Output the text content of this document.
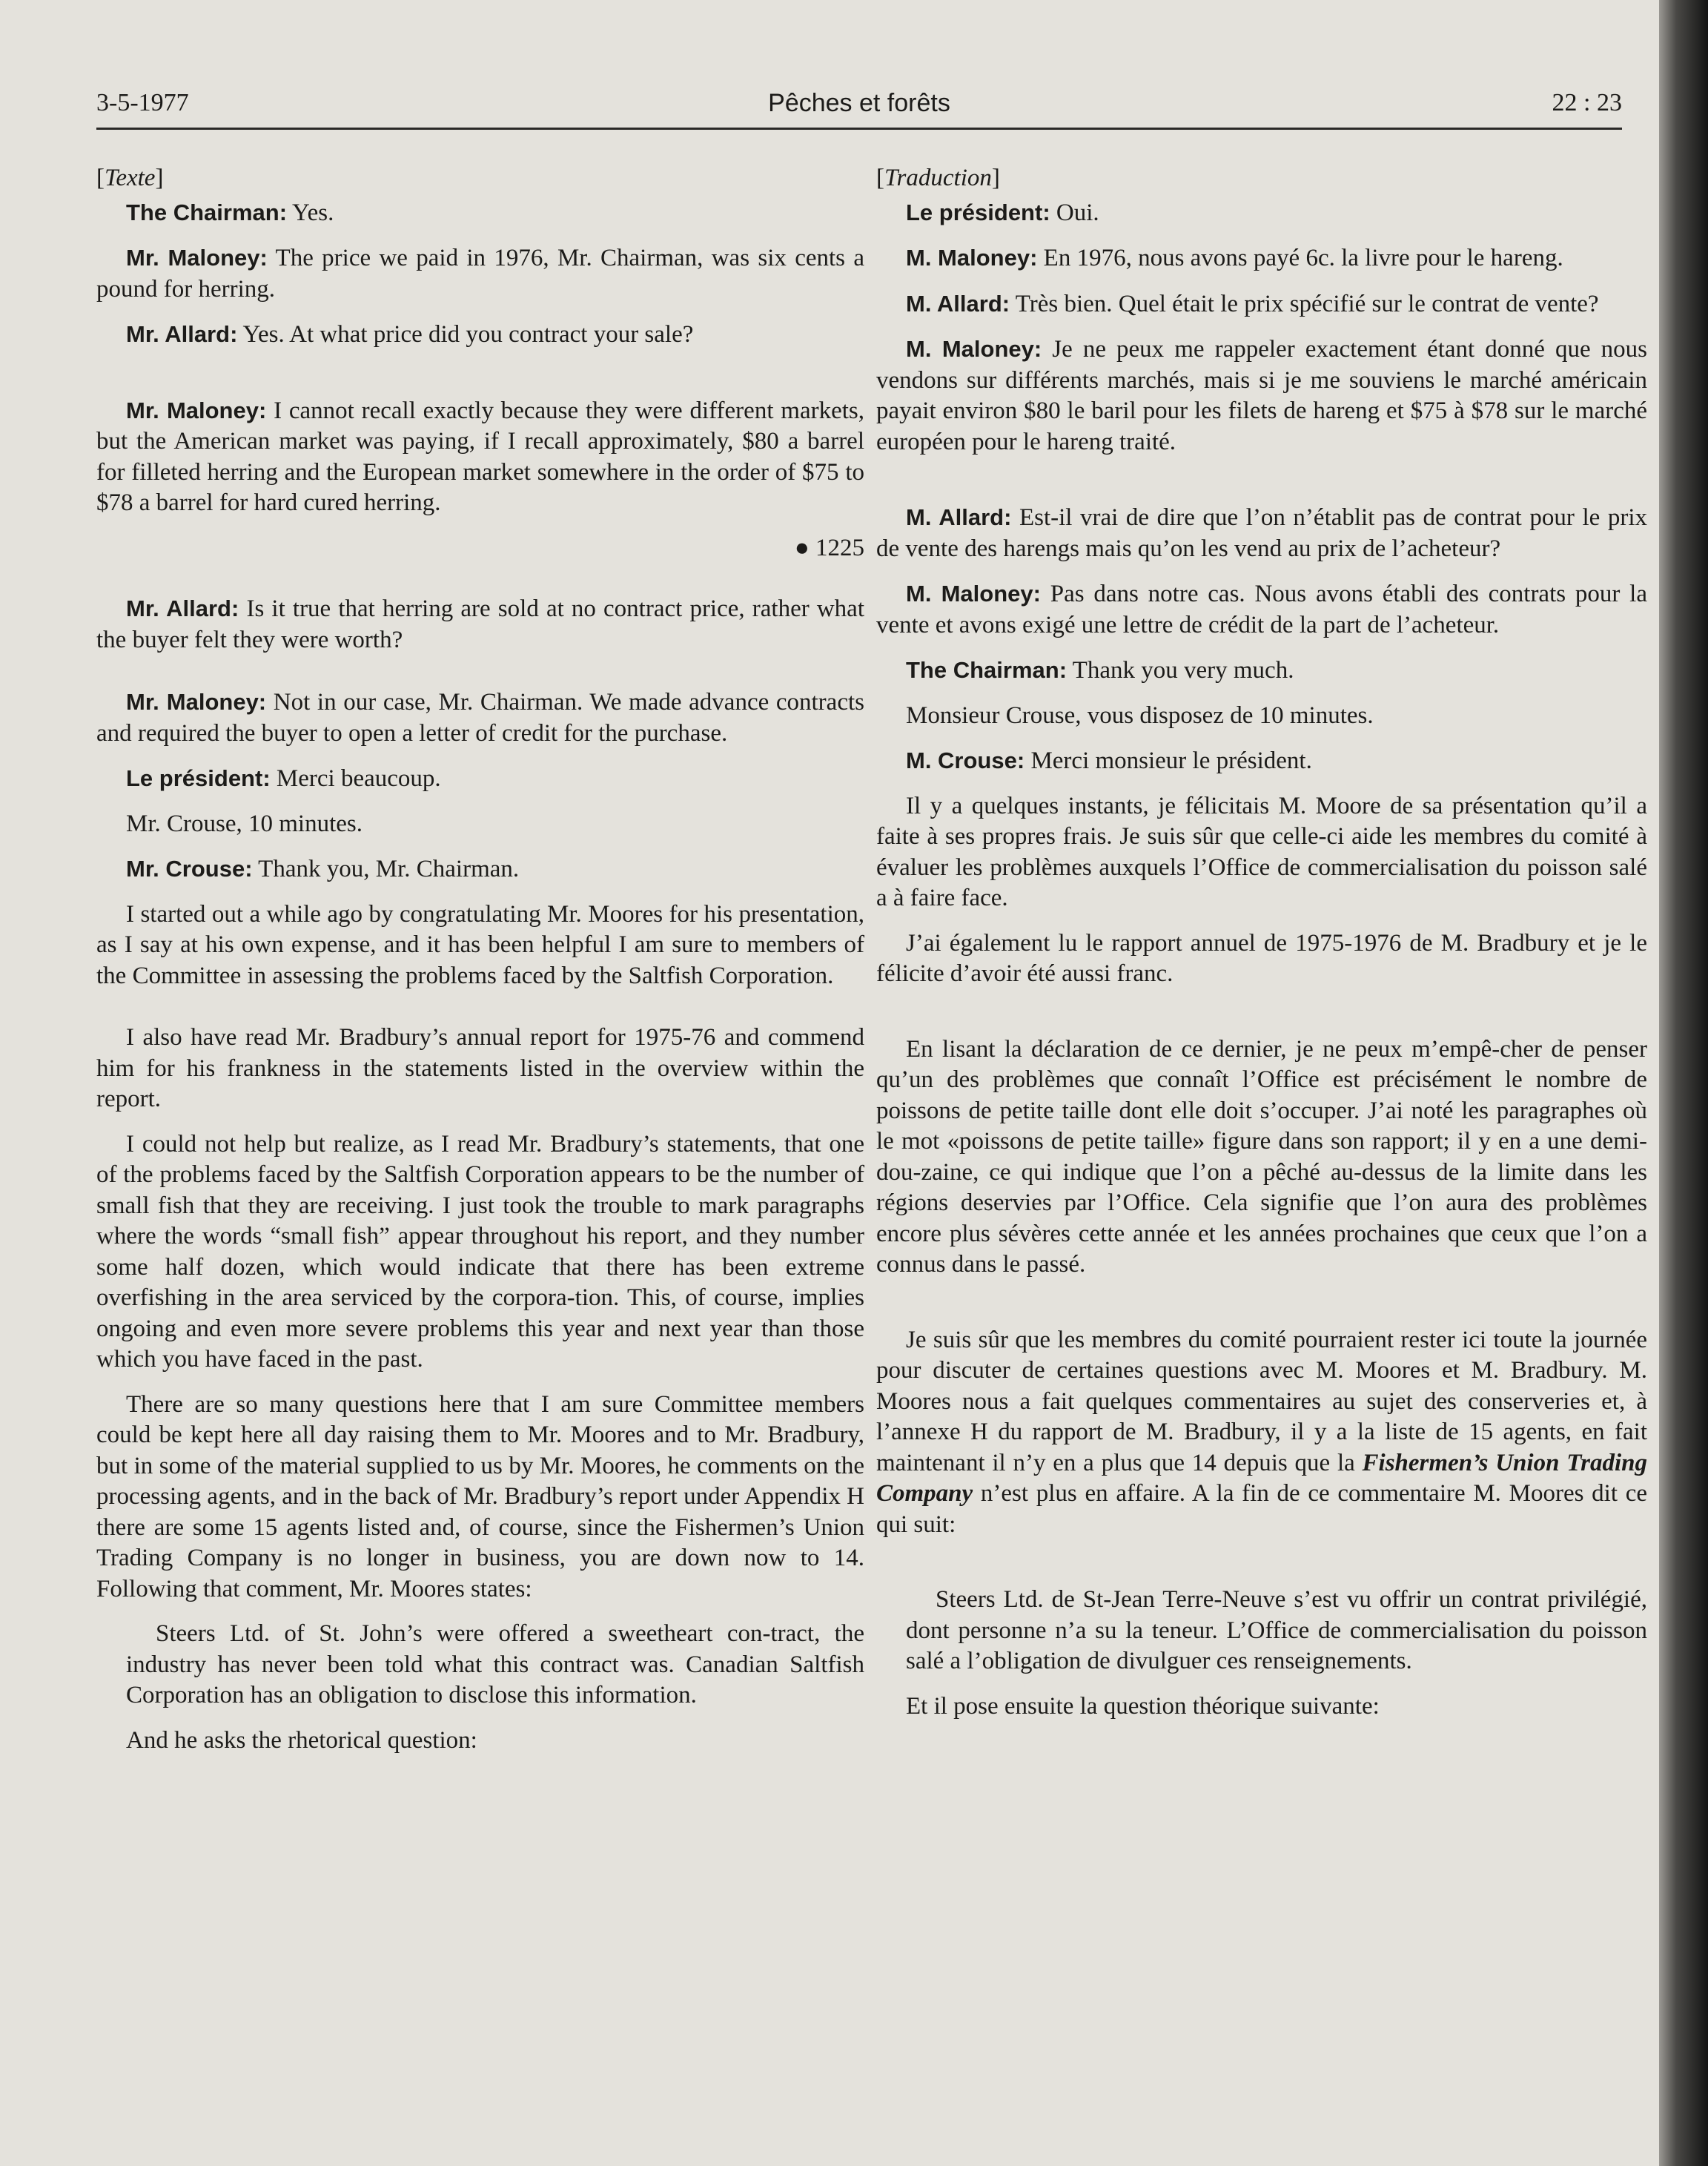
3-5-1977	Pêches et forêts	22 : 23

[Texte]

The Chairman: Yes.

Mr. Maloney: The price we paid in 1976, Mr. Chairman, was six cents a pound for herring.

Mr. Allard: Yes. At what price did you contract your sale?

Mr. Maloney: I cannot recall exactly because they were different markets, but the American market was paying, if I recall approximately, $80 a barrel for filleted herring and the European market somewhere in the order of $75 to $78 a barrel for hard cured herring.

● 1225

Mr. Allard: Is it true that herring are sold at no contract price, rather what the buyer felt they were worth?

Mr. Maloney: Not in our case, Mr. Chairman. We made advance contracts and required the buyer to open a letter of credit for the purchase.

Le président: Merci beaucoup.

Mr. Crouse, 10 minutes.

Mr. Crouse: Thank you, Mr. Chairman.

I started out a while ago by congratulating Mr. Moores for his presentation, as I say at his own expense, and it has been helpful I am sure to members of the Committee in assessing the problems faced by the Saltfish Corporation.

I also have read Mr. Bradbury’s annual report for 1975-76 and commend him for his frankness in the statements listed in the overview within the report.

I could not help but realize, as I read Mr. Bradbury’s statements, that one of the problems faced by the Saltfish Corporation appears to be the number of small fish that they are receiving. I just took the trouble to mark paragraphs where the words “small fish” appear throughout his report, and they number some half dozen, which would indicate that there has been extreme overfishing in the area serviced by the corpora-tion. This, of course, implies ongoing and even more severe problems this year and next year than those which you have faced in the past.

There are so many questions here that I am sure Committee members could be kept here all day raising them to Mr. Moores and to Mr. Bradbury, but in some of the material supplied to us by Mr. Moores, he comments on the processing agents, and in the back of Mr. Bradbury’s report under Appendix H there are some 15 agents listed and, of course, since the Fishermen’s Union Trading Company is no longer in business, you are down now to 14. Following that comment, Mr. Moores states:

Steers Ltd. of St. John’s were offered a sweetheart con-tract, the industry has never been told what this contract was. Canadian Saltfish Corporation has an obligation to disclose this information.

And he asks the rhetorical question:

[Traduction]

Le président: Oui.

M. Maloney: En 1976, nous avons payé 6c. la livre pour le hareng.

M. Allard: Très bien. Quel était le prix spécifié sur le contrat de vente?

M. Maloney: Je ne peux me rappeler exactement étant donné que nous vendons sur différents marchés, mais si je me souviens le marché américain payait environ $80 le baril pour les filets de hareng et $75 à $78 sur le marché européen pour le hareng traité.

M. Allard: Est-il vrai de dire que l’on n’établit pas de contrat pour le prix de vente des harengs mais qu’on les vend au prix de l’acheteur?

M. Maloney: Pas dans notre cas. Nous avons établi des contrats pour la vente et avons exigé une lettre de crédit de la part de l’acheteur.

The Chairman: Thank you very much.

Monsieur Crouse, vous disposez de 10 minutes.

M. Crouse: Merci monsieur le président.

Il y a quelques instants, je félicitais M. Moore de sa présentation qu’il a faite à ses propres frais. Je suis sûr que celle-ci aide les membres du comité à évaluer les problèmes auxquels l’Office de commercialisation du poisson salé a à faire face.

J’ai également lu le rapport annuel de 1975-1976 de M. Bradbury et je le félicite d’avoir été aussi franc.

En lisant la déclaration de ce dernier, je ne peux m’empê-cher de penser qu’un des problèmes que connaît l’Office est précisément le nombre de poissons de petite taille dont elle doit s’occuper. J’ai noté les paragraphes où le mot «poissons de petite taille» figure dans son rapport; il y en a une demi-dou-zaine, ce qui indique que l’on a pêché au-dessus de la limite dans les régions deservies par l’Office. Cela signifie que l’on aura des problèmes encore plus sévères cette année et les années prochaines que ceux que l’on a connus dans le passé.

Je suis sûr que les membres du comité pourraient rester ici toute la journée pour discuter de certaines questions avec M. Moores et M. Bradbury. M. Moores nous a fait quelques commentaires au sujet des conserveries et, à l’annexe H du rapport de M. Bradbury, il y a la liste de 15 agents, en fait maintenant il n’y en a plus que 14 depuis que la Fishermen’s Union Trading Company n’est plus en affaire. A la fin de ce commentaire M. Moores dit ce qui suit:

Steers Ltd. de St-Jean Terre-Neuve s’est vu offrir un contrat privilégié, dont personne n’a su la teneur. L’Office de commercialisation du poisson salé a l’obligation de divulguer ces renseignements.

Et il pose ensuite la question théorique suivante:
